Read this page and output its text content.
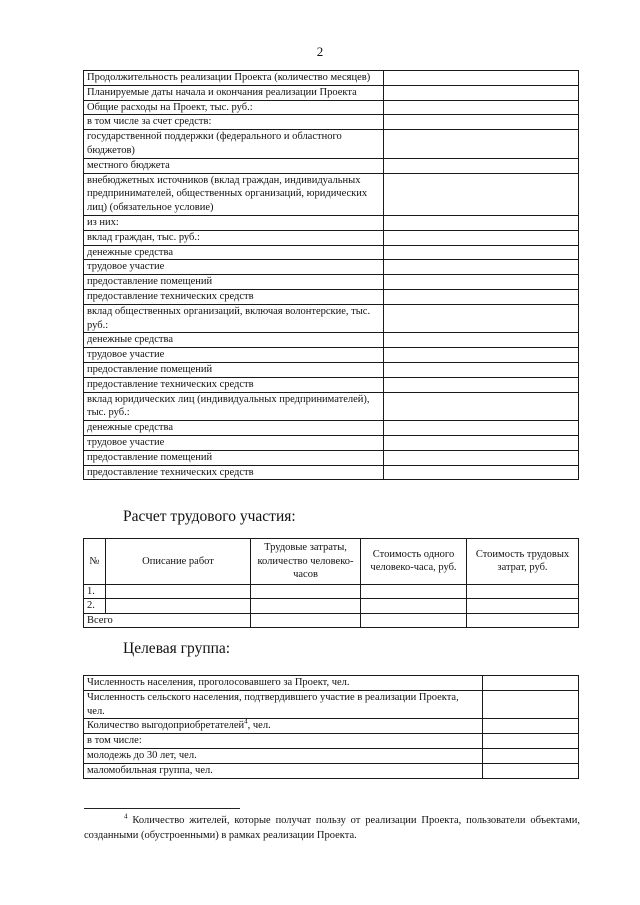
2
Продолжительность реализации Проекта (количество месяцев)	
Планируемые даты начала и окончания реализации Проекта	
Общие расходы на Проект, тыс. руб.:	
в том числе за счет средств:	
государственной поддержки (федерального и областного бюджетов)	
местного бюджета	
внебюджетных источников (вклад граждан, индивидуальных предпринимателей, общественных организаций, юридических лиц) (обязательное условие)	
из них:	
вклад граждан, тыс. руб.:	
денежные средства	
трудовое участие	
предоставление помещений	
предоставление технических средств	
вклад общественных организаций, включая волонтерские, тыс. руб.:	
денежные средства	
трудовое участие	
предоставление помещений	
предоставление технических средств	
вклад юридических лиц (индивидуальных предпринимателей), тыс. руб.:	
денежные средства	
трудовое участие	
предоставление помещений	
предоставление технических средств	
Расчет трудового участия:
№	Описание работ	Трудовые затраты, количество человеко-часов	Стоимость одного человеко-часа, руб.	Стоимость трудовых затрат, руб.
1.				
2.				
Всего				
Целевая группа:
Численность населения, проголосовавшего за Проект, чел.	
Численность сельского населения, подтвердившего участие в реализации Проекта, чел.	
Количество выгодоприобретателей$^4$, чел.	
в том числе:	
молодежь до 30 лет, чел.	
маломобильная группа, чел.	
$^4$ Количество жителей, которые получат пользу от реализации Проекта, пользователи объектами, созданными (обустроенными) в рамках реализации Проекта.
